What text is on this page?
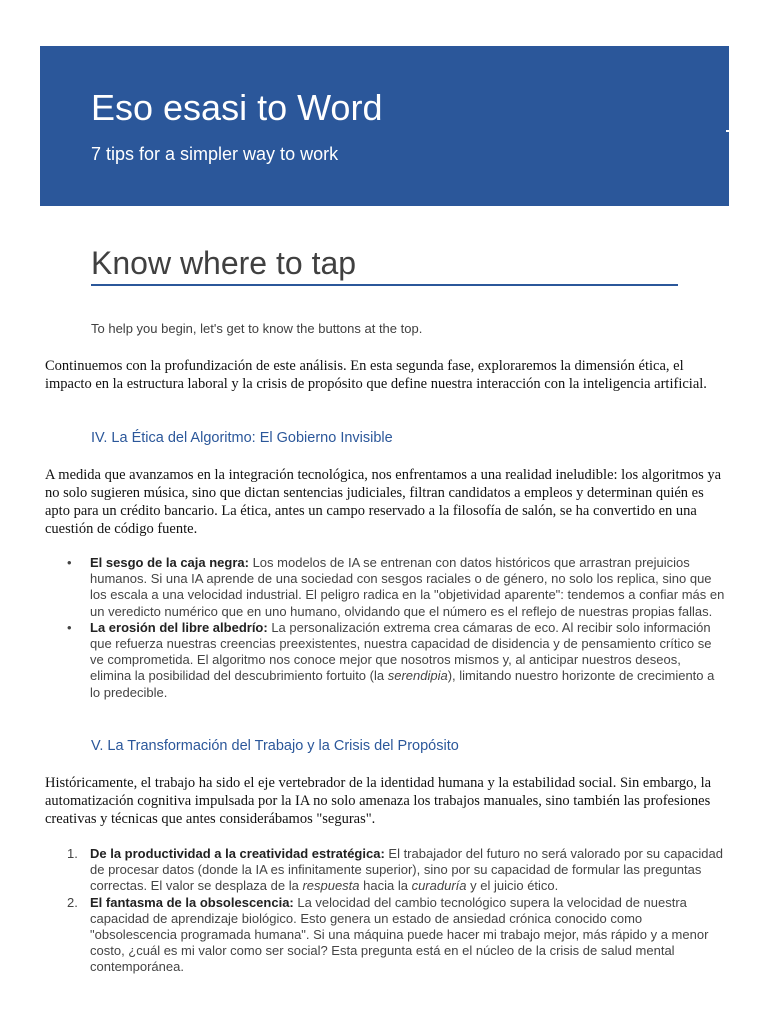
Eso esasi to Word

7 tips for a simpler way to work

Know where to tap

To help you begin, let's get to know the buttons at the top.

Continuemos con la profundización de este análisis. En esta segunda fase, exploraremos la dimensión ética, el impacto en la estructura laboral y la crisis de propósito que define nuestra interacción con la inteligencia artificial.

IV. La Ética del Algoritmo: El Gobierno Invisible

A medida que avanzamos en la integración tecnológica, nos enfrentamos a una realidad ineludible: los algoritmos ya no solo sugieren música, sino que dictan sentencias judiciales, filtran candidatos a empleos y determinan quién es apto para un crédito bancario. La ética, antes un campo reservado a la filosofía de salón, se ha convertido en una cuestión de código fuente.

• El sesgo de la caja negra: Los modelos de IA se entrenan con datos históricos que arrastran prejuicios humanos. Si una IA aprende de una sociedad con sesgos raciales o de género, no solo los replica, sino que los escala a una velocidad industrial. El peligro radica en la "objetividad aparente": tendemos a confiar más en un veredicto numérico que en uno humano, olvidando que el número es el reflejo de nuestras propias fallas.
• La erosión del libre albedrío: La personalización extrema crea cámaras de eco. Al recibir solo información que refuerza nuestras creencias preexistentes, nuestra capacidad de disidencia y de pensamiento crítico se ve comprometida. El algoritmo nos conoce mejor que nosotros mismos y, al anticipar nuestros deseos, elimina la posibilidad del descubrimiento fortuito (la serendipia), limitando nuestro horizonte de crecimiento a lo predecible.
V. La Transformación del Trabajo y la Crisis del Propósito

Históricamente, el trabajo ha sido el eje vertebrador de la identidad humana y la estabilidad social. Sin embargo, la automatización cognitiva impulsada por la IA no solo amenaza los trabajos manuales, sino también las profesiones creativas y técnicas que antes considerábamos "seguras".

1. De la productividad a la creatividad estratégica: El trabajador del futuro no será valorado por su capacidad de procesar datos (donde la IA es infinitamente superior), sino por su capacidad de formular las preguntas correctas. El valor se desplaza de la respuesta hacia la curaduría y el juicio ético.
2. El fantasma de la obsolescencia: La velocidad del cambio tecnológico supera la velocidad de nuestra capacidad de aprendizaje biológico. Esto genera un estado de ansiedad crónica conocido como "obsolescencia programada humana". Si una máquina puede hacer mi trabajo mejor, más rápido y a menor costo, ¿cuál es mi valor como ser social? Esta pregunta está en el núcleo de la crisis de salud mental contemporánea.
